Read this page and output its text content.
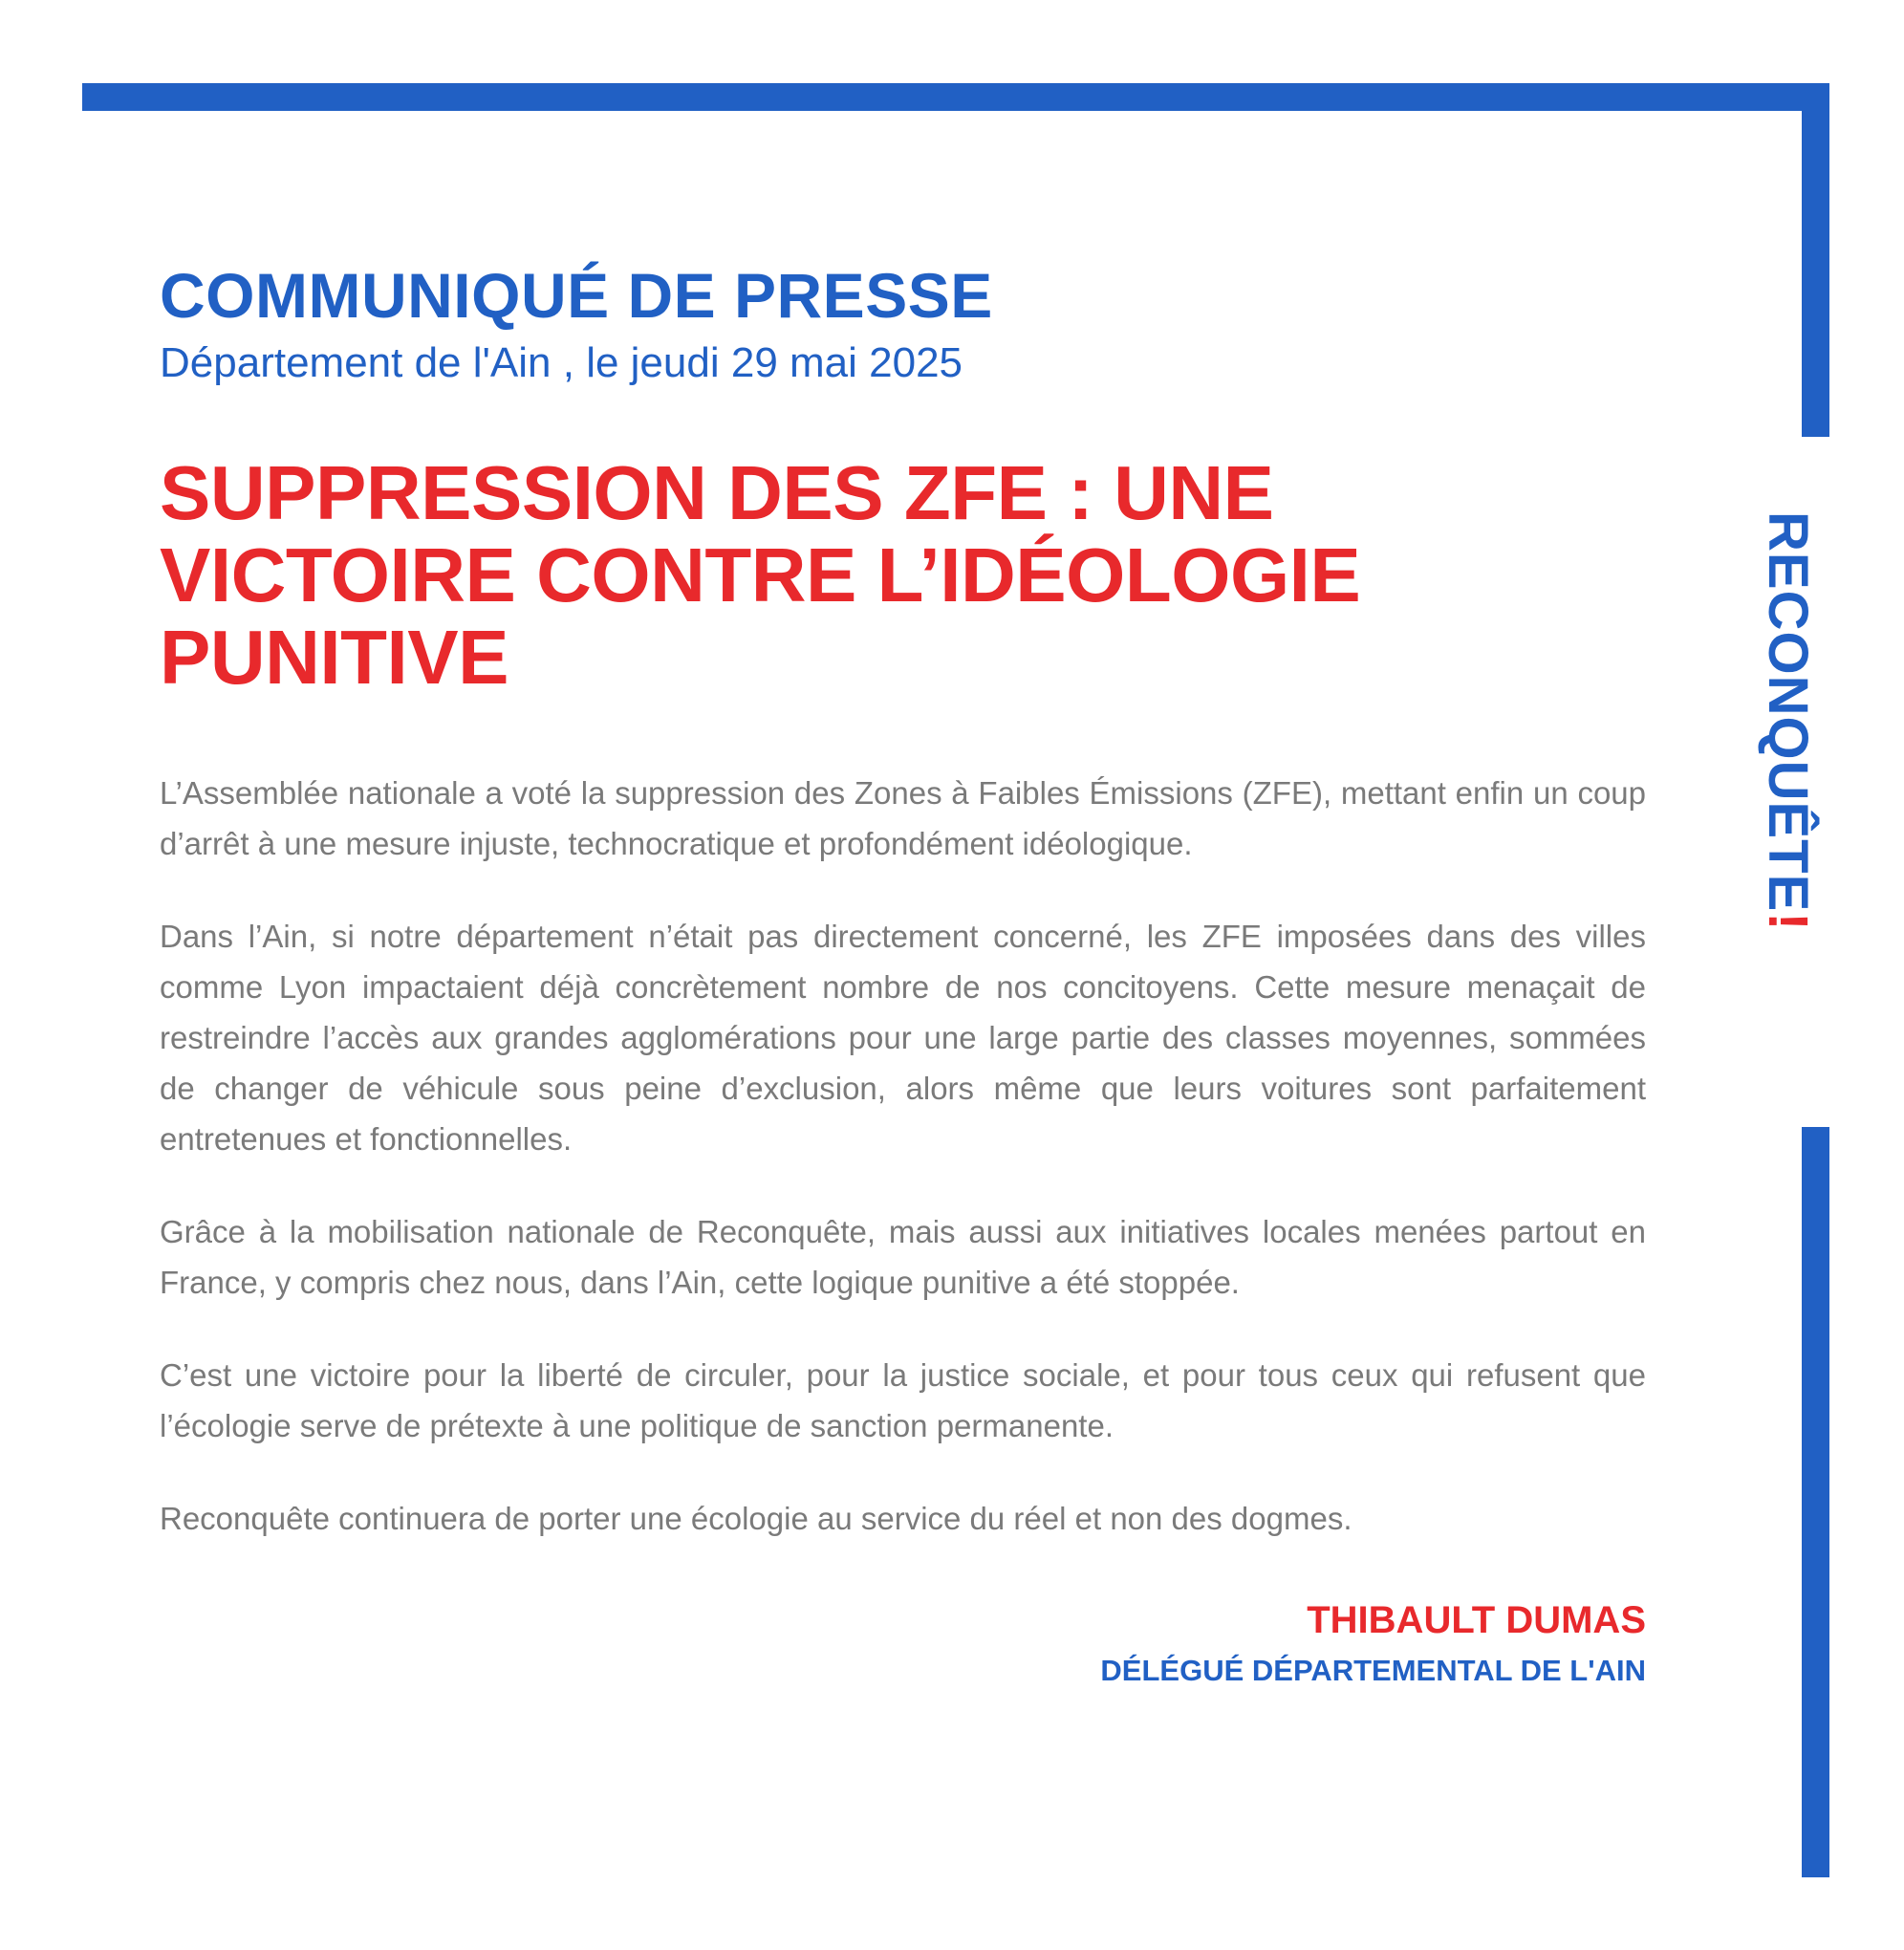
RECONQUÊTE!
COMMUNIQUÉ DE PRESSE

Département de l'Ain , le jeudi 29 mai 2025

SUPPRESSION DES ZFE : UNE VICTOIRE CONTRE L’IDÉOLOGIE PUNITIVE

L’Assemblée nationale a voté la suppression des Zones à Faibles Émissions (ZFE), mettant enfin un coup d’arrêt à une mesure injuste, technocratique et profondément idéologique.

Dans l’Ain, si notre département n’était pas directement concerné, les ZFE imposées dans des villes comme Lyon impactaient déjà concrètement nombre de nos concitoyens. Cette mesure menaçait de restreindre l’accès aux grandes agglomérations pour une large partie des classes moyennes, sommées de changer de véhicule sous peine d’exclusion, alors même que leurs voitures sont parfaitement entretenues et fonctionnelles.

Grâce à la mobilisation nationale de Reconquête, mais aussi aux initiatives locales menées partout en France, y compris chez nous, dans l’Ain, cette logique punitive a été stoppée.

C’est une victoire pour la liberté de circuler, pour la justice sociale, et pour tous ceux qui refusent que l’écologie serve de prétexte à une politique de sanction permanente.

Reconquête continuera de porter une écologie au service du réel et non des dogmes.

THIBAULT DUMAS

DÉLÉGUÉ DÉPARTEMENTAL DE L'AIN
